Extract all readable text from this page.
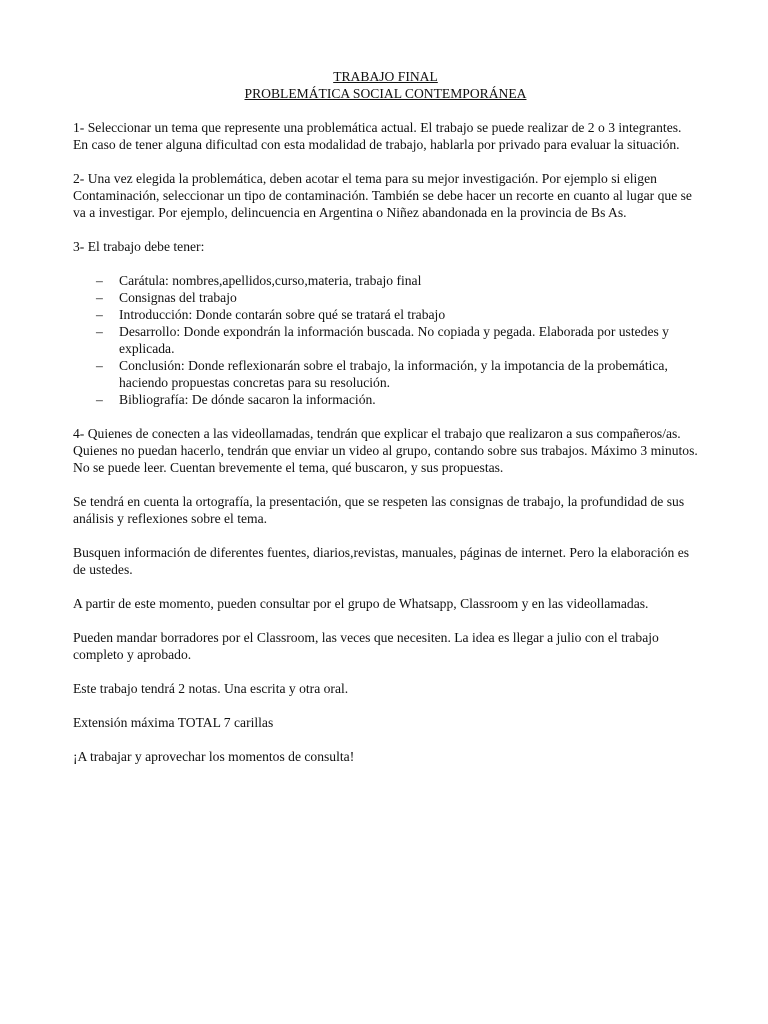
TRABAJO FINAL

PROBLEMÁTICA SOCIAL CONTEMPORÁNEA

1- Seleccionar un tema que represente una problemática actual. El trabajo se puede realizar de 2 o 3 integrantes. En caso de tener alguna dificultad con esta modalidad de trabajo, hablarla por privado para evaluar la situación.

2- Una vez elegida la problemática, deben acotar el tema para su mejor investigación. Por ejemplo si eligen Contaminación, seleccionar un tipo de contaminación. También se debe hacer un recorte en cuanto al lugar que se va a investigar. Por ejemplo, delincuencia en Argentina o Niñez abandonada en la provincia de Bs As.

3- El trabajo debe tener:

– Carátula: nombres,apellidos,curso,materia, trabajo final
– Consignas del trabajo
– Introducción: Donde contarán sobre qué se tratará el trabajo
– Desarrollo: Donde expondrán la información buscada. No copiada y pegada. Elaborada por ustedes y explicada.
– Conclusión: Donde reflexionarán sobre el trabajo, la información, y la impotancia de la probemática, haciendo propuestas concretas para su resolución.
– Bibliografía: De dónde sacaron la información.

4- Quienes de conecten a las videollamadas, tendrán que explicar el trabajo que realizaron a sus compañeros/as. Quienes no puedan hacerlo, tendrán que enviar un video al grupo, contando sobre sus trabajos. Máximo 3 minutos. No se puede leer. Cuentan brevemente el tema, qué buscaron, y sus propuestas.

Se tendrá en cuenta la ortografía, la presentación, que se respeten las consignas de trabajo, la profundidad de sus análisis y reflexiones sobre el tema.

Busquen información de diferentes fuentes, diarios,revistas, manuales, páginas de internet. Pero la elaboración es de ustedes.

A partir de este momento, pueden consultar por el grupo de Whatsapp, Classroom y en las videollamadas.

Pueden mandar borradores por el Classroom, las veces que necesiten. La idea es llegar a julio con el trabajo completo y aprobado.

Este trabajo tendrá 2 notas. Una escrita y otra oral.

Extensión máxima TOTAL 7 carillas

¡A trabajar y aprovechar los momentos de consulta!
